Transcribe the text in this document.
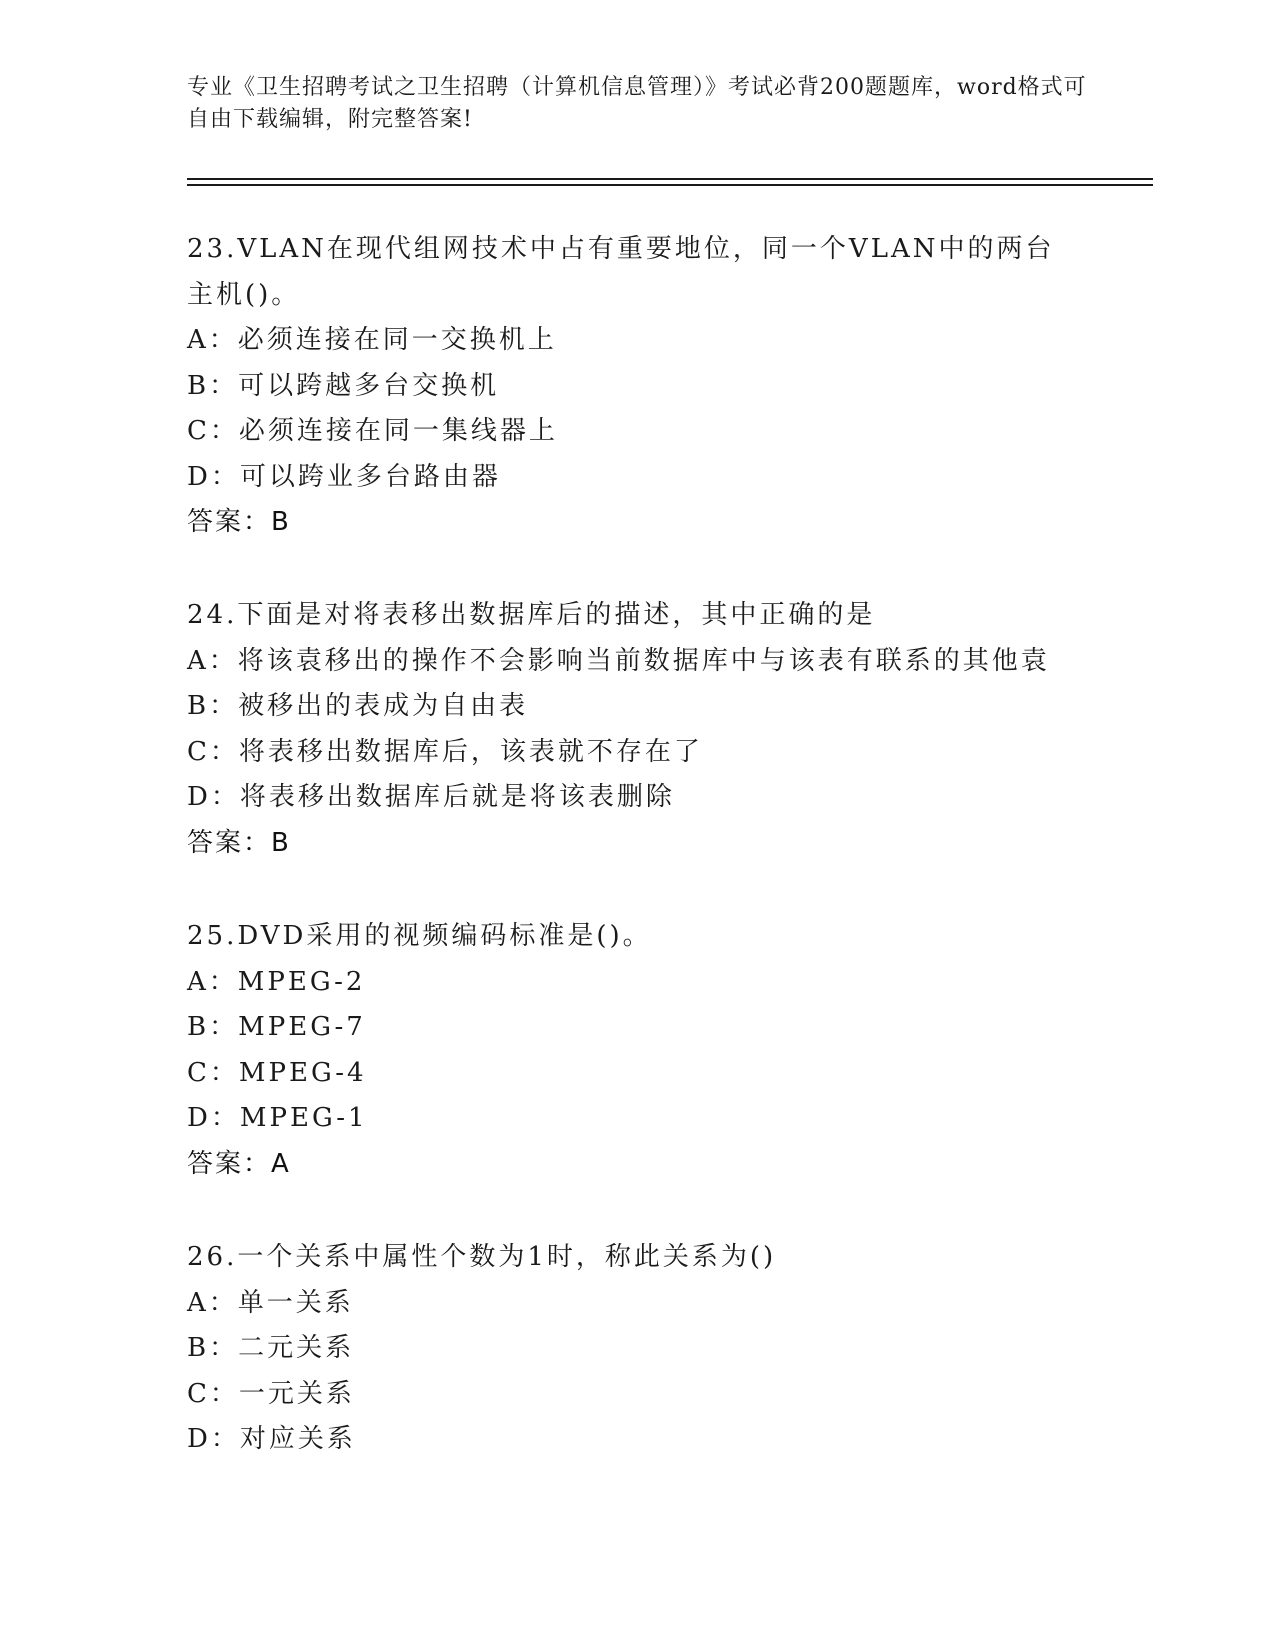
专业《卫生招聘考试之卫生招聘（计算机信息管理）》考试必背200题题库，word格式可自由下载编辑，附完整答案!
23.VLAN在现代组网技术中占有重要地位，同一个VLAN中的两台主机()。
A：必须连接在同一交换机上
B：可以跨越多台交换机
C：必须连接在同一集线器上
D：可以跨业多台路由器
答案：B
24.下面是对将表移出数据库后的描述，其中正确的是
A：将该袁移出的操作不会影响当前数据库中与该表有联系的其他袁
B：被移出的表成为自由表
C：将表移出数据库后，该表就不存在了
D：将表移出数据库后就是将该表删除
答案：B
25.DVD采用的视频编码标准是()。
A：MPEG-2
B：MPEG-7
C：MPEG-4
D：MPEG-1
答案：A
26.一个关系中属性个数为1时，称此关系为()
A：单一关系
B：二元关系
C：一元关系
D：对应关系
